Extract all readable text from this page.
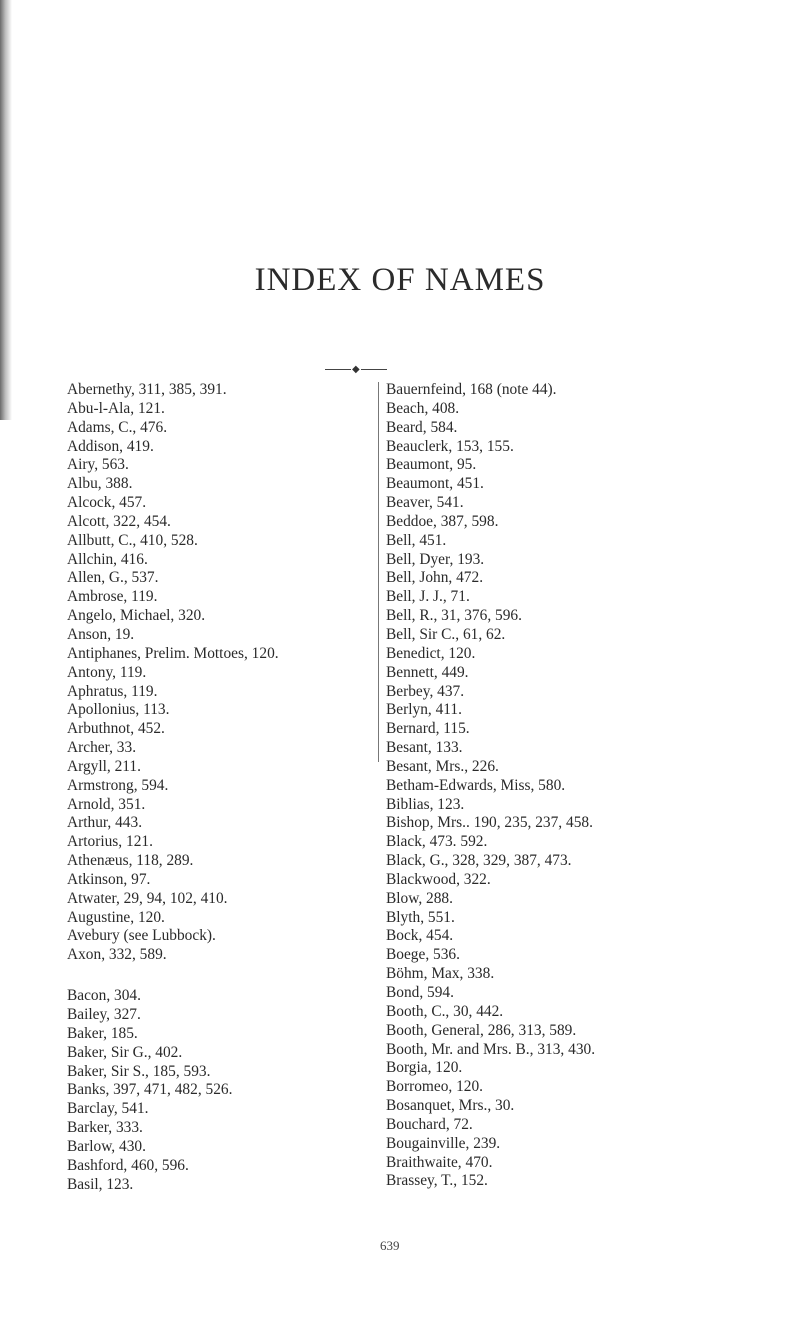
INDEX OF NAMES
◆
Abernethy, 311, 385, 391.
Abu-l-Ala, 121.
Adams, C., 476.
Addison, 419.
Airy, 563.
Albu, 388.
Alcock, 457.
Alcott, 322, 454.
Allbutt, C., 410, 528.
Allchin, 416.
Allen, G., 537.
Ambrose, 119.
Angelo, Michael, 320.
Anson, 19.
Antiphanes, Prelim. Mottoes, 120.
Antony, 119.
Aphratus, 119.
Apollonius, 113.
Arbuthnot, 452.
Archer, 33.
Argyll, 211.
Armstrong, 594.
Arnold, 351.
Arthur, 443.
Artorius, 121.
Athenæus, 118, 289.
Atkinson, 97.
Atwater, 29, 94, 102, 410.
Augustine, 120.
Avebury (see Lubbock).
Axon, 332, 589.
Bacon, 304.
Bailey, 327.
Baker, 185.
Baker, Sir G., 402.
Baker, Sir S., 185, 593.
Banks, 397, 471, 482, 526.
Barclay, 541.
Barker, 333.
Barlow, 430.
Bashford, 460, 596.
Basil, 123.
Bauernfeind, 168 (note 44).
Beach, 408.
Beard, 584.
Beauclerk, 153, 155.
Beaumont, 95.
Beaumont, 451.
Beaver, 541.
Beddoe, 387, 598.
Bell, 451.
Bell, Dyer, 193.
Bell, John, 472.
Bell, J. J., 71.
Bell, R., 31, 376, 596.
Bell, Sir C., 61, 62.
Benedict, 120.
Bennett, 449.
Berbey, 437.
Berlyn, 411.
Bernard, 115.
Besant, 133.
Besant, Mrs., 226.
Betham-Edwards, Miss, 580.
Biblias, 123.
Bishop, Mrs.. 190, 235, 237, 458.
Black, 473. 592.
Black, G., 328, 329, 387, 473.
Blackwood, 322.
Blow, 288.
Blyth, 551.
Bock, 454.
Boege, 536.
Böhm, Max, 338.
Bond, 594.
Booth, C., 30, 442.
Booth, General, 286, 313, 589.
Booth, Mr. and Mrs. B., 313, 430.
Borgia, 120.
Borromeo, 120.
Bosanquet, Mrs., 30.
Bouchard, 72.
Bougainville, 239.
Braithwaite, 470.
Brassey, T., 152.
639
